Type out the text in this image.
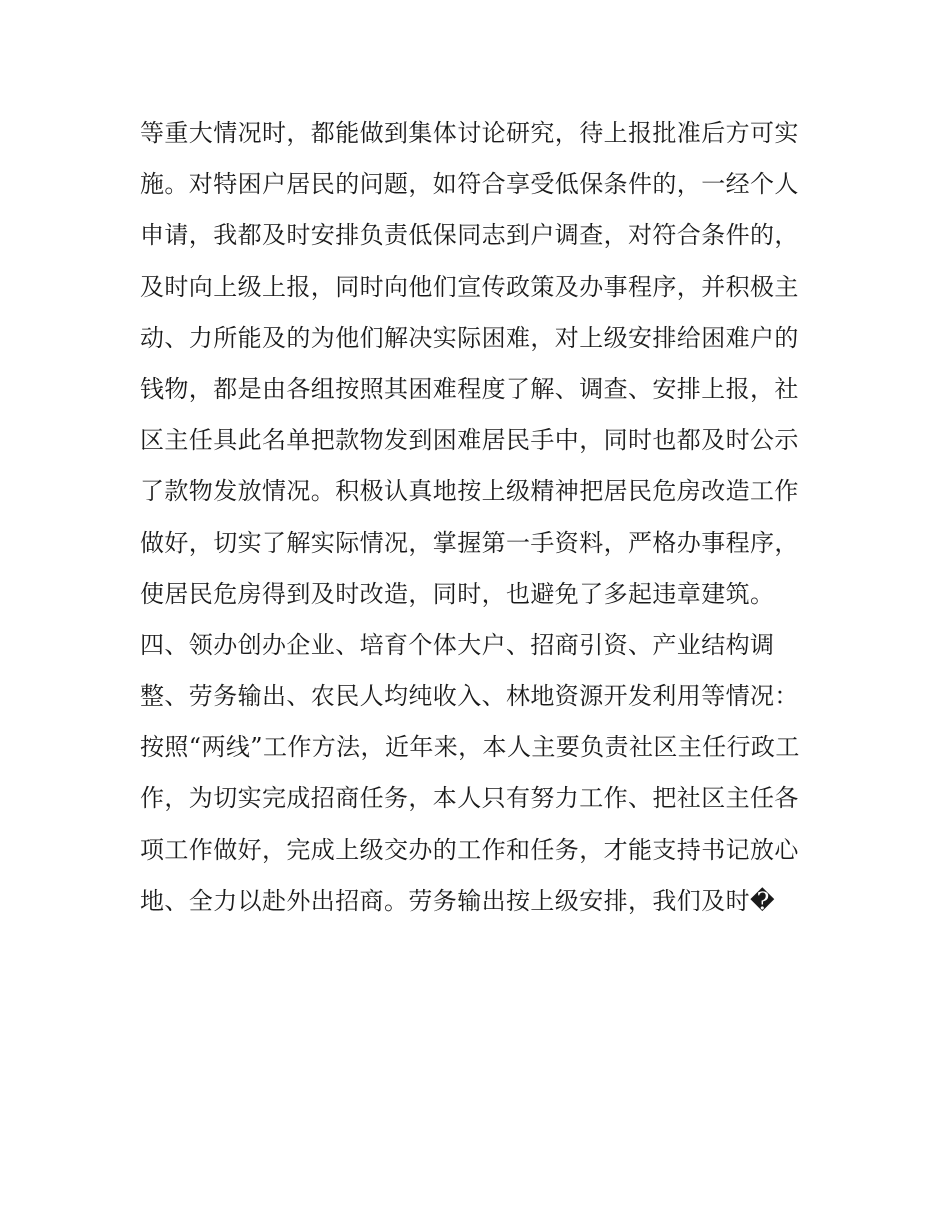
等重大情况时，都能做到集体讨论研究，待上报批准后方可实
施。对特困户居民的问题，如符合享受低保条件的，一经个人
申请，我都及时安排负责低保同志到户调查，对符合条件的，
及时向上级上报，同时向他们宣传政策及办事程序，并积极主
动、力所能及的为他们解决实际困难，对上级安排给困难户的
钱物，都是由各组按照其困难程度了解、调查、安排上报，社
区主任具此名单把款物发到困难居民手中，同时也都及时公示
了款物发放情况。积极认真地按上级精神把居民危房改造工作
做好，切实了解实际情况，掌握第一手资料，严格办事程序，
使居民危房得到及时改造，同时，也避免了多起违章建筑。
四、领办创办企业、培育个体大户、招商引资、产业结构调
整、劳务输出、农民人均纯收入、林地资源开发利用等情况：
按照“两线”工作方法，近年来，本人主要负责社区主任行政工
作，为切实完成招商任务，本人只有努力工作、把社区主任各
项工作做好，完成上级交办的工作和任务，才能支持书记放心
地、全力以赴外出招商。劳务输出按上级安排，我们及时�
